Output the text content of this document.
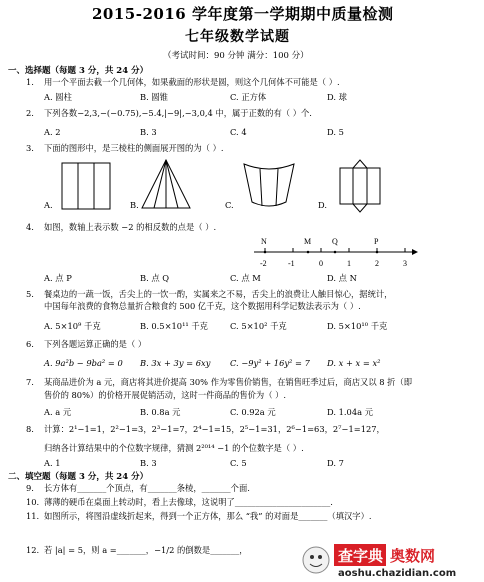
2015-2016 学年度第一学期期中质量检测
七年级数学试题
（考试时间：90 分钟 满分：100 分）
一、选择题（每题 3 分，共 24 分）
1. 用一个平面去截一个几何体，如果截面的形状是圆，则这个几何体不可能是（ ）.
A. 圆柱	B. 圆锥	C. 正方体	D. 球
2. 下列各数−2,3,−(−0.75),−5.4,|−9|,−3,0,4 中，属于正数的有（ ）个.
A. 2	B. 3	C. 4	D. 5
3. 下面的图形中，是三棱柱的侧面展开图的为（ ）.
A.	B.	C.	D.
4. 如图，数轴上表示数 −2 的相反数的点是（ ）.
N	M	Q	P
-2	-1	0	1	2	3
A. 点 P	B. 点 Q	C. 点 M	D. 点 N
5. 餐桌边的一蔬一饭，舌尖上的一饮一酌，实属来之不易，舌尖上的浪费让人触目惊心，据统计，
中国每年浪费的食物总量折合粮食约 500 亿千克，这个数据用科学记数法表示为（ ）.
A. 5×10⁹ 千克	B. 0.5×10¹¹ 千克	C. 5×10² 千克	D. 5×10¹⁰ 千克
6. 下列各题运算正确的是（ ）
A. 9a²b − 9ba² = 0 B. 3x + 3y = 6xy C. −9y² + 16y² = 7 D. x + x = x²
7. 某商品进价为 a 元，商店将其进价提高 30% 作为零售价销售，在销售旺季过后，商店又以 8 折（即
售价的 80%）的价格开展促销活动，这时一件商品的售价为（ ）.
A. a 元	B. 0.8a 元	C. 0.92a 元	D. 1.04a 元
8. 计算：2¹−1=1，2²−1=3，2³−1=7，2⁴−1=15，2⁵−1=31，2⁶−1=63，2⁷−1=127，
归纳各计算结果中的个位数字规律，猜测 2²⁰¹⁴ −1 的个位数字是（ ）.
A. 1	B. 3	C. 5	D. 7
二、填空题（每题 3 分，共 24 分）
9. 长方体有_______个顶点，有_______条棱，_______个面.
10. 薄薄的硬币在桌面上转动时，看上去像球，这说明了_______________________.
11. 如图所示，将图沿虚线折起来，得到一个正方体，那么 “我” 的对面是_______（填汉字）.
12. 若 |a| = 5，则 a =_______，−1/2 的倒数是_______，	查字典 奥数网
aoshu.chazidian.com
